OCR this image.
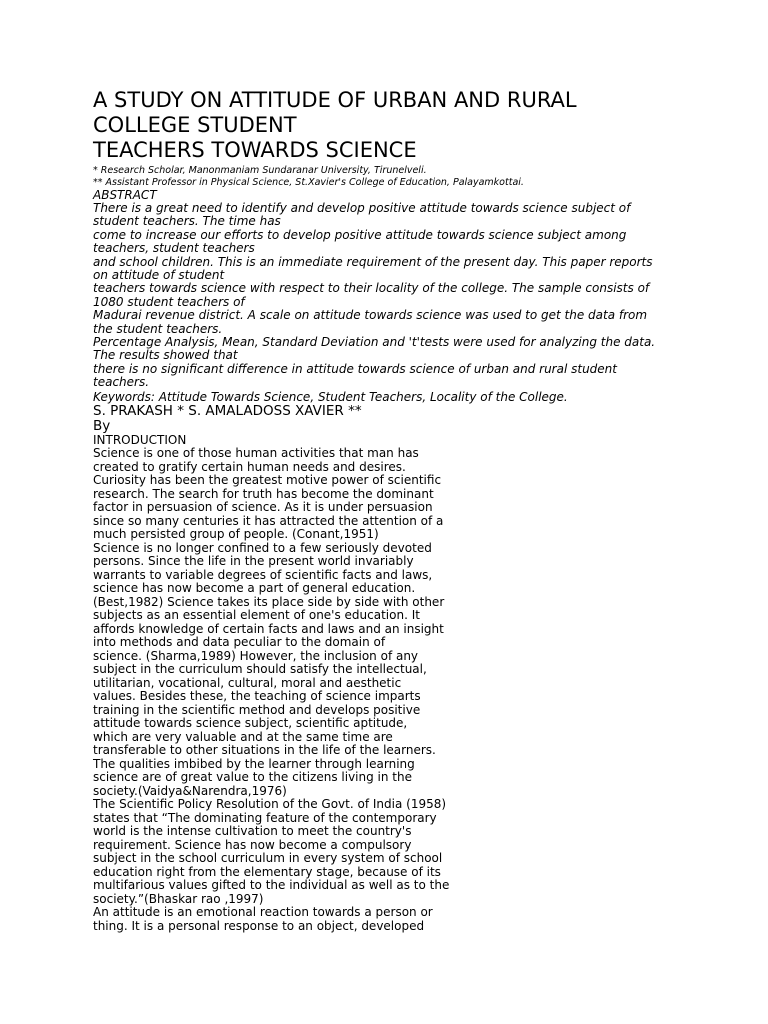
A STUDY ON ATTITUDE OF URBAN AND RURAL
COLLEGE STUDENT
TEACHERS TOWARDS SCIENCE
* Research Scholar, Manonmaniam Sundaranar University, Tirunelveli.
** Assistant Professor in Physical Science, St.Xavier's College of Education, Palayamkottai.
ABSTRACT
There is a great need to identify and develop positive attitude towards science subject of
student teachers. The time has
come to increase our efforts to develop positive attitude towards science subject among
teachers, student teachers
and school children. This is an immediate requirement of the present day. This paper reports
on attitude of student
teachers towards science with respect to their locality of the college. The sample consists of
1080 student teachers of
Madurai revenue district. A scale on attitude towards science was used to get the data from
the student teachers.
Percentage Analysis, Mean, Standard Deviation and 't'tests were used for analyzing the data.
The results showed that
there is no significant difference in attitude towards science of urban and rural student
teachers.
Keywords: Attitude Towards Science, Student Teachers, Locality of the College.
S. PRAKASH * S. AMALADOSS XAVIER **
By
INTRODUCTION
Science is one of those human activities that man has
created to gratify certain human needs and desires.
Curiosity has been the greatest motive power of scientific
research. The search for truth has become the dominant
factor in persuasion of science. As it is under persuasion
since so many centuries it has attracted the attention of a
much persisted group of people. (Conant,1951)
Science is no longer confined to a few seriously devoted
persons. Since the life in the present world invariably
warrants to variable degrees of scientific facts and laws,
science has now become a part of general education.
(Best,1982) Science takes its place side by side with other
subjects as an essential element of one's education. It
affords knowledge of certain facts and laws and an insight
into methods and data peculiar to the domain of
science. (Sharma,1989) However, the inclusion of any
subject in the curriculum should satisfy the intellectual,
utilitarian, vocational, cultural, moral and aesthetic
values. Besides these, the teaching of science imparts
training in the scientific method and develops positive
attitude towards science subject, scientific aptitude,
which are very valuable and at the same time are
transferable to other situations in the life of the learners.
The qualities imbibed by the learner through learning
science are of great value to the citizens living in the
society.(Vaidya&Narendra,1976)
The Scientific Policy Resolution of the Govt. of India (1958)
states that “The dominating feature of the contemporary
world is the intense cultivation to meet the country's
requirement. Science has now become a compulsory
subject in the school curriculum in every system of school
education right from the elementary stage, because of its
multifarious values gifted to the individual as well as to the
society.”(Bhaskar rao ,1997)
An attitude is an emotional reaction towards a person or
thing. It is a personal response to an object, developed
